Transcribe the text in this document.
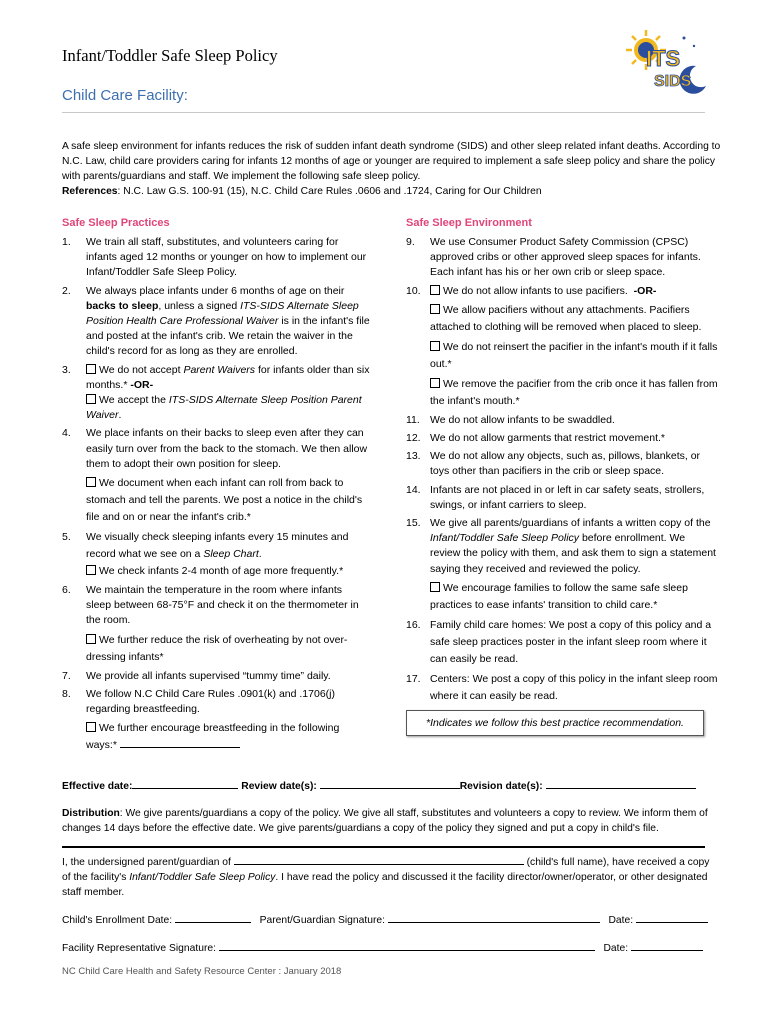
Infant/Toddler Safe Sleep Policy	ITS
SIDS
Child Care Facility:
A safe sleep environment for infants reduces the risk of sudden infant death syndrome (SIDS) and other sleep related infant deaths. According to N.C. Law, child care providers caring for infants 12 months of age or younger are required to implement a safe sleep policy and share the policy with parents/guardians and staff. We implement the following safe sleep policy.
References: N.C. Law G.S. 100-91 (15), N.C. Child Care Rules .0606 and .1724, Caring for Our Children
Safe Sleep Practices
1. We train all staff, substitutes, and volunteers caring for infants aged 12 months or younger on how to implement our Infant/Toddler Safe Sleep Policy.
2. We always place infants under 6 months of age on their backs to sleep, unless a signed ITS-SIDS Alternate Sleep Position Health Care Professional Waiver is in the infant's file and posted at the infant's crib. We retain the waiver in the child's record for as long as they are enrolled.
3.	We do not accept Parent Waivers for infants older than six months.* -OR-
We accept the ITS-SIDS Alternate Sleep Position Parent Waiver.
4. We place infants on their backs to sleep even after they can easily turn over from the back to the stomach. We then allow them to adopt their own position for sleep.
We document when each infant can roll from back to stomach and tell the parents. We post a notice in the child's file and on or near the infant's crib.*
5. We visually check sleeping infants every 15 minutes and record what we see on a Sleep Chart.
We check infants 2-4 month of age more frequently.*
6. We maintain the temperature in the room where infants sleep between 68-75°F and check it on the thermometer in the room.
We further reduce the risk of overheating by not over-dressing infants*
7. We provide all infants supervised “tummy time” daily.
8. We follow N.C Child Care Rules .0901(k) and .1706(j) regarding breastfeeding.
We further encourage breastfeeding in the following ways:*
Safe Sleep Environment
9. We use Consumer Product Safety Commission (CPSC) approved cribs or other approved sleep spaces for infants. Each infant has his or her own crib or sleep space.
10. We do not allow infants to use pacifiers. -OR-
We allow pacifiers without any attachments. Pacifiers attached to clothing will be removed when placed to sleep.
We do not reinsert the pacifier in the infant's mouth if it falls out.*
We remove the pacifier from the crib once it has fallen from the infant's mouth.*
11. We do not allow infants to be swaddled.
12. We do not allow garments that restrict movement.*
13. We do not allow any objects, such as, pillows, blankets, or toys other than pacifiers in the crib or sleep space.
14. Infants are not placed in or left in car safety seats, strollers, swings, or infant carriers to sleep.
15. We give all parents/guardians of infants a written copy of the Infant/Toddler Safe Sleep Policy before enrollment. We review the policy with them, and ask them to sign a statement saying they received and reviewed the policy.
We encourage families to follow the same safe sleep practices to ease infants' transition to child care.*
16. Family child care homes: We post a copy of this policy and a safe sleep practices poster in the infant sleep room where it can easily be read.
17. Centers: We post a copy of this policy in the infant sleep room where it can easily be read.
*Indicates we follow this best practice recommendation.
Effective date:	Review date(s):	Revision date(s):
Distribution: We give parents/guardians a copy of the policy. We give all staff, substitutes and volunteers a copy to review. We inform them of changes 14 days before the effective date. We give parents/guardians a copy of the policy they signed and put a copy in child's file.
I, the undersigned parent/guardian of	(child's full name), have received a copy of the facility's Infant/Toddler Safe Sleep Policy. I have read the policy and discussed it the facility director/owner/operator, or other designated staff member.
Child's Enrollment Date:	Parent/Guardian Signature:	Date:
Facility Representative Signature:	Date:
NC Child Care Health and Safety Resource Center : January 2018
